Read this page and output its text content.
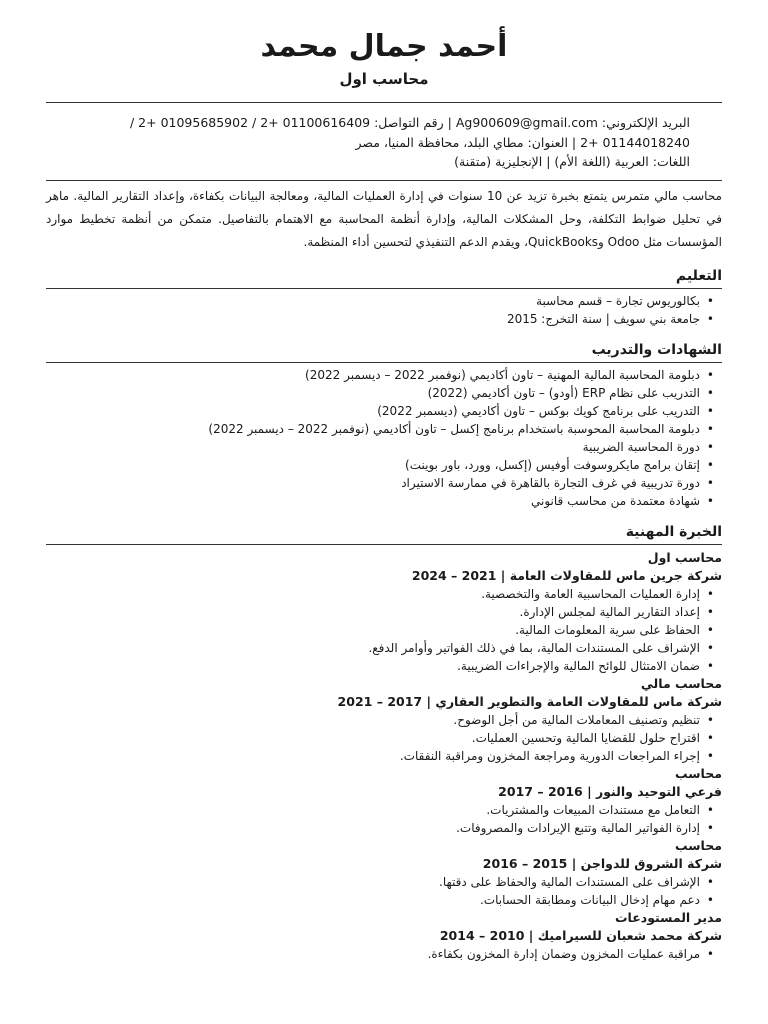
أحمد جمال محمد
محاسب اول
البريد الإلكتروني: Ag900609@gmail.com | رقم التواصل: 01100616409 +2 / 01095685902 +2 /
01144018240 +2 | العنوان: مطاي البلد، محافظة المنيا، مصر
اللغات: العربية (اللغة الأم) | الإنجليزية (متقنة)

محاسب مالي متمرس يتمتع بخبرة تزيد عن 10 سنوات في إدارة العمليات المالية، ومعالجة البيانات بكفاءة، وإعداد التقارير المالية. ماهر في تحليل ضوابط التكلفة، وحل المشكلات المالية، وإدارة أنظمة المحاسبة مع الاهتمام بالتفاصيل. متمكن من أنظمة تخطيط موارد المؤسسات مثل Odoo وQuickBooks، ويقدم الدعم التنفيذي لتحسين أداء المنظمة.

التعليم
• بكالوريوس تجارة – قسم محاسبة
• جامعة بني سويف | سنة التخرج: 2015
الشهادات والتدريب
• دبلومة المحاسبة المالية المهنية – تاون أكاديمي (نوفمبر 2022 – ديسمبر 2022)
• التدريب على نظام ERP (أودو) – تاون أكاديمي (2022)
• التدريب على برنامج كويك بوكس – تاون أكاديمي (ديسمبر 2022)
• دبلومة المحاسبة المحوسبة باستخدام برنامج إكسل – تاون أكاديمي (نوفمبر 2022 – ديسمبر 2022)
• دورة المحاسبة الضريبية
• إتقان برامج مايكروسوفت أوفيس (إكسل، وورد، باور بوينت)
• دورة تدريبية في غرف التجارة بالقاهرة في ممارسة الاستيراد
• شهادة معتمدة من محاسب قانوني
الخبرة المهنية
محاسب اول
شركة جرين ماس للمقاولات العامة | 2021 – 2024
• إدارة العمليات المحاسبية العامة والتخصصية.
• إعداد التقارير المالية لمجلس الإدارة.
• الحفاظ على سرية المعلومات المالية.
• الإشراف على المستندات المالية، بما في ذلك الفواتير وأوامر الدفع.
• ضمان الامتثال للوائح المالية والإجراءات الضريبية.
محاسب مالي
شركة ماس للمقاولات العامة والتطوير العقاري | 2017 – 2021
• تنظيم وتصنيف المعاملات المالية من أجل الوضوح.
• اقتراح حلول للقضايا المالية وتحسين العمليات.
• إجراء المراجعات الدورية ومراجعة المخزون ومراقبة النفقات.
محاسب
فرعي التوحيد والنور | 2016 – 2017
• التعامل مع مستندات المبيعات والمشتريات.
• إدارة الفواتير المالية وتتبع الإيرادات والمصروفات.
محاسب
شركة الشروق للدواجن | 2015 – 2016
• الإشراف على المستندات المالية والحفاظ على دقتها.
• دعم مهام إدخال البيانات ومطابقة الحسابات.
مدير المستودعات
شركة محمد شعبان للسيراميك | 2010 – 2014
• مراقبة عمليات المخزون وضمان إدارة المخزون بكفاءة.
